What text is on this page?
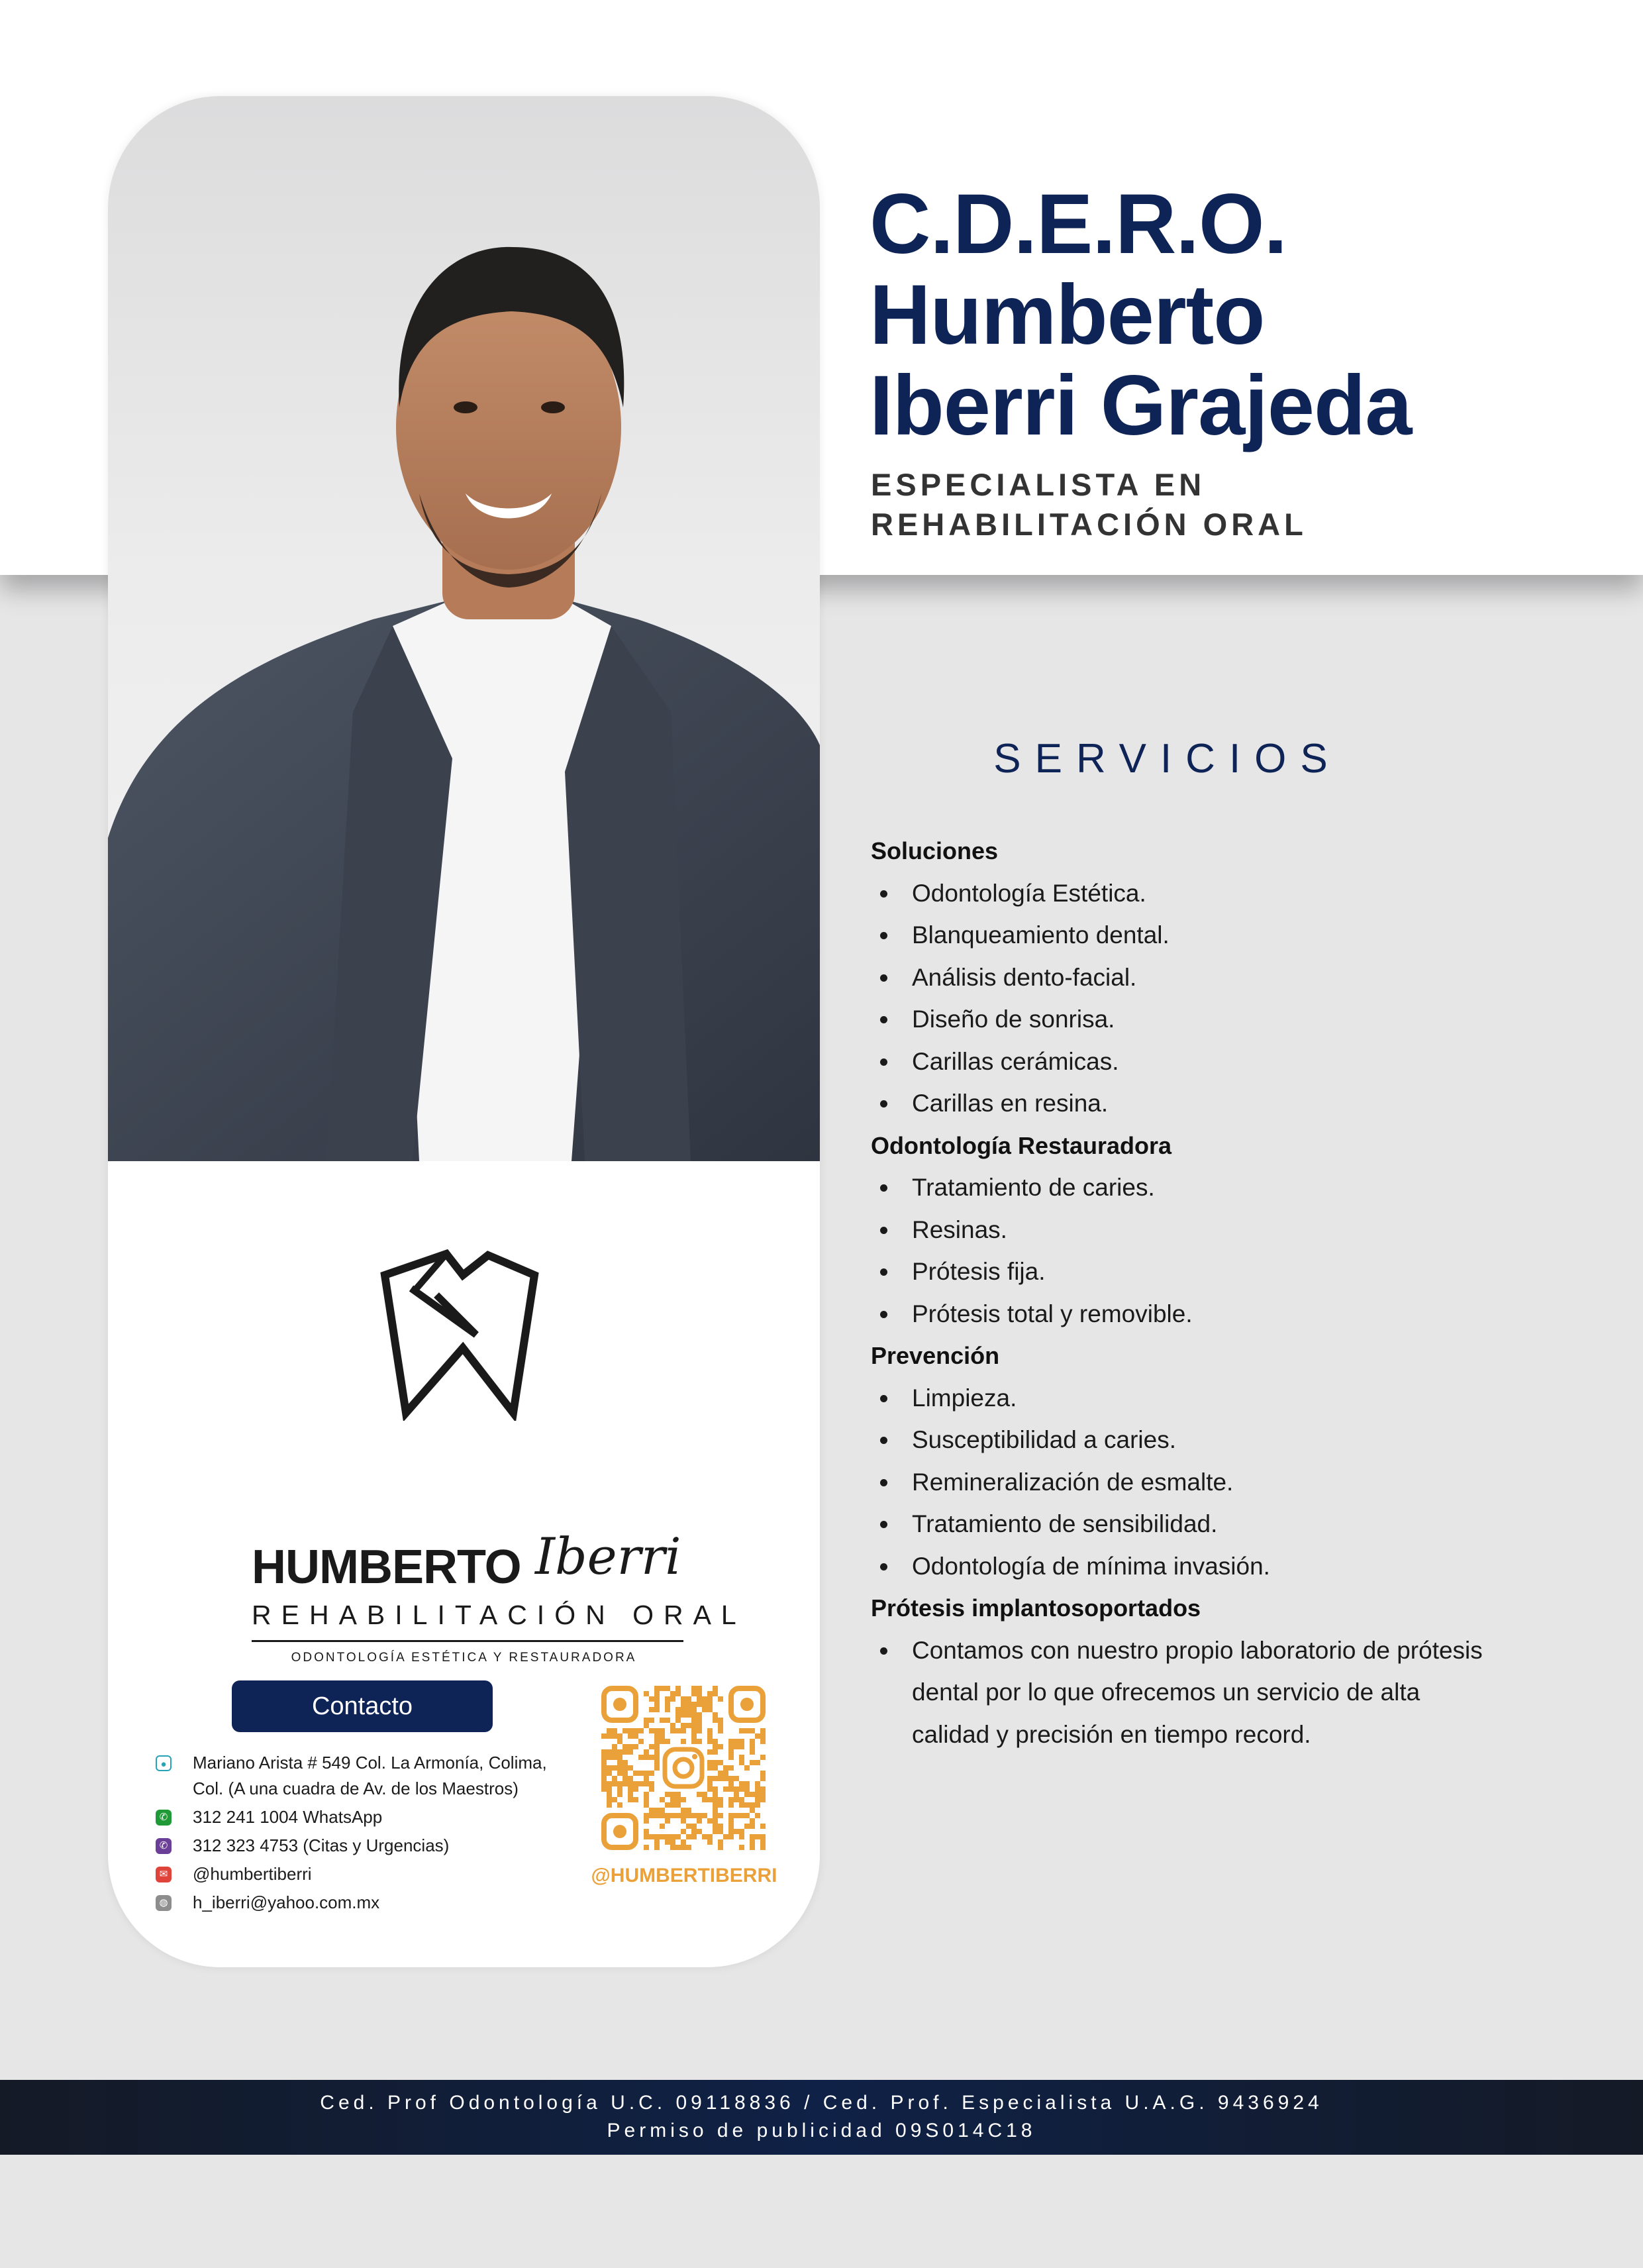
HUMBERTO Iberri
REHABILITACIÓN ORAL
ODONTOLOGÍA ESTÉTICA Y RESTAURADORA
Contacto
● Mariano Arista # 549 Col. La Armonía, Colima, Col. (A una cuadra de Av. de los Maestros)
✆ 312 241 1004 WhatsApp
✆ 312 323 4753 (Citas y Urgencias)
✉ @humbertiberri
◍ h_iberri@yahoo.com.mx
@HUMBERTIBERRI
C.D.E.R.O.
Humberto
Iberri Grajeda
ESPECIALISTA EN
REHABILITACIÓN ORAL
SERVICIOS
Soluciones
Odontología Estética.
Blanqueamiento dental.
Análisis dento-facial.
Diseño de sonrisa.
Carillas cerámicas.
Carillas en resina.
Odontología Restauradora
Tratamiento de caries.
Resinas.
Prótesis fija.
Prótesis total y removible.
Prevención
Limpieza.
Susceptibilidad a caries.
Remineralización de esmalte.
Tratamiento de sensibilidad.
Odontología de mínima invasión.
Prótesis implantosoportados
Contamos con nuestro propio laboratorio de prótesis dental por lo que ofrecemos un servicio de alta calidad y precisión en tiempo record.
Ced. Prof Odontología U.C. 09118836 / Ced. Prof. Especialista U.A.G. 9436924
Permiso de publicidad 09S014C18
